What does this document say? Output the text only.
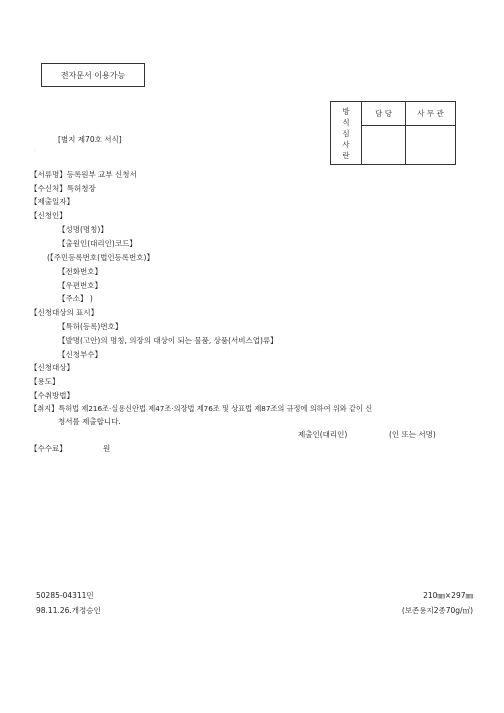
전자문서 이용가능
방
식
심
사
란	담 당	사 무 관

[별지 제70호 서식]
·
【서류명】등록원부 교부 신청서
【수신처】특허청장
【제출일자】
【신청인】
【성명(명칭)】
【출원인(대리인)코드】
(【주민등록번호(법인등록번호)】
【전화번호】
【우편번호】
【주소】 )
【신청대상의 표시】
【특허(등록)번호】
【발명(고안)의 명칭, 의장의 대상이 되는 물품, 상품(서비스업)류】
【신청부수】
【신청대상】
【용도】
【수취방법】
【취지】특허법 제216조·실용신안법 제47조·의장법 제76조 및 상표법 제87조의 규정에 의하여 위와 같이 신
청서를 제출합니다.
제출인(대리인)	(인 또는 서명)
【수수료】	원
50285-04311민
98.11.26.개정승인
210㎜×297㎜
(보존용지2종70g/㎡)
